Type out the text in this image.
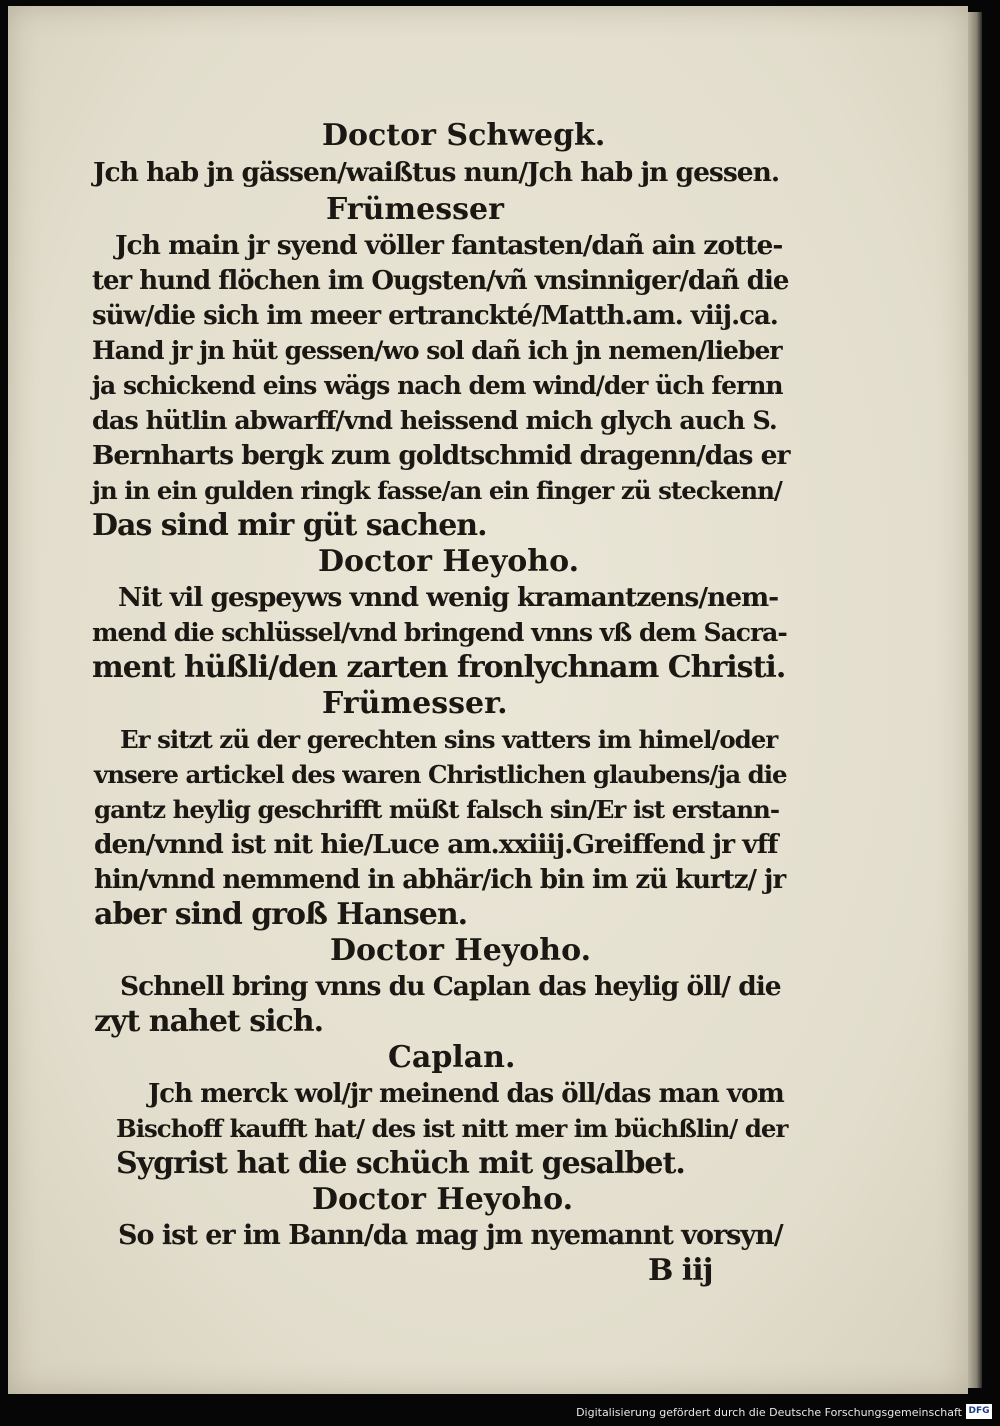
Doctor Schwegk.
Jch hab jn gässen/waißtus nun/Jch hab jn gessen.
Frümesser
Jch main jr syend völler fantasten/dañ ain zotte-
ter hund flöchen im Ougsten/vñ vnsinniger/dañ die
süw/die sich im meer ertranckté/Matth.am. viij.ca.
Hand jr jn hüt gessen/wo sol dañ ich jn nemen/lieber
ja schickend eins wägs nach dem wind/der üch fernn
das hütlin abwarff/vnd heissend mich glych auch S.
Bernharts bergk zum goldtschmid dragenn/das er
jn in ein gulden ringk fasse/an ein finger zü steckenn/
Das sind mir güt sachen.
Doctor Heyoho.
Nit vil gespeyws vnnd wenig kramantzens/nem-
mend die schlüssel/vnd bringend vnns vß dem Sacra-
ment hüßli/den zarten fronlychnam Christi.
Frümesser.
Er sitzt zü der gerechten sins vatters im himel/oder
vnsere artickel des waren Christlichen glaubens/ja die
gantz heylig geschrifft müßt falsch sin/Er ist erstann-
den/vnnd ist nit hie/Luce am.xxiiij.Greiffend jr vff
hin/vnnd nemmend in abhär/ich bin im zü kurtz/ jr
aber sind groß Hansen.
Doctor Heyoho.
Schnell bring vnns du Caplan das heylig öll/ die
zyt nahet sich.
Caplan.
Jch merck wol/jr meinend das öll/das man vom
Bischoff kaufft hat/ des ist nitt mer im büchßlin/ der
Sygrist hat die schüch mit gesalbet.
Doctor Heyoho.
So ist er im Bann/da mag jm nyemannt vorsyn/
B iij
Digitalisierung gefördert durch die Deutsche Forschungsgemeinschaft DFG
